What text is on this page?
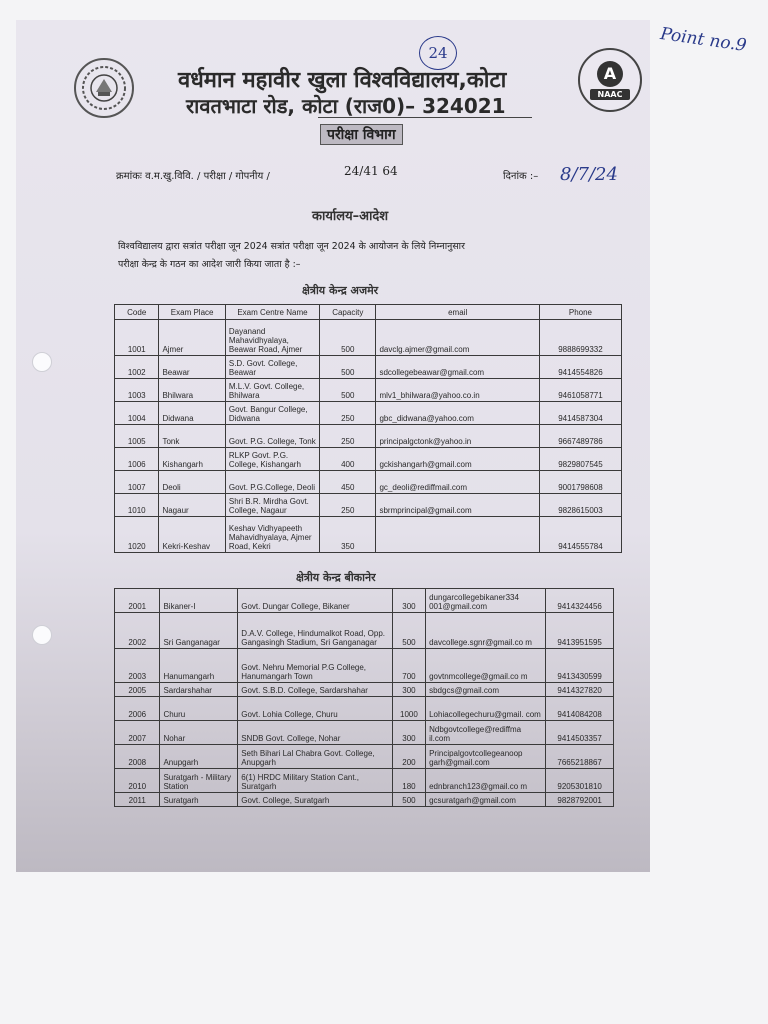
Point no.9
24
A
NAAC
वर्धमान महावीर खुला विश्वविद्यालय,कोटा
रावतभाटा रोड, कोटा (राज0)– 324021
परीक्षा विभाग
क्रमांकः व.म.खु.विवि. / परीक्षा / गोपनीय /	24/41 64	दिनांक :– 8/7/24
कार्यालय–आदेश
विश्वविद्यालय द्वारा सत्रांत परीक्षा जून 2024 सत्रांत परीक्षा जून 2024 के आयोजन के लिये निम्नानुसार
परीक्षा केन्द्र के गठन का आदेश जारी किया जाता है :–
क्षेत्रीय केन्द्र अजमेर
Code	Exam Place	Exam Centre Name	Capacity	email	Phone
1001	Ajmer	Dayanand Mahavidhyalaya, Beawar Road, Ajmer	500	davclg.ajmer@gmail.com	9888699332
1002	Beawar	S.D. Govt. College, Beawar	500	sdcollegebeawar@gmail.com	9414554826
1003	Bhilwara	M.L.V. Govt. College, Bhilwara	500	mlv1_bhilwara@yahoo.co.in	9461058771
1004	Didwana	Govt. Bangur College, Didwana	250	gbc_didwana@yahoo.com	9414587304
1005	Tonk	Govt. P.G. College, Tonk	250	principalgctonk@yahoo.in	9667489786
1006	Kishangarh	RLKP Govt. P.G. College, Kishangarh	400	gckishangarh@gmail.com	9829807545
1007	Deoli	Govt. P.G.College, Deoli	450	gc_deoli@rediffmail.com	9001798608
1010	Nagaur	Shri B.R. Mirdha Govt. College, Nagaur	250	sbrmprincipal@gmail.com	9828615003
1020	Kekri-Keshav	Keshav Vidhyapeeth Mahavidhyalaya, Ajmer Road, Kekri	350		9414555784
क्षेत्रीय केन्द्र बीकानेर
2001	Bikaner-I	Govt. Dungar College, Bikaner	300	dungarcollegebikaner334 001@gmail.com	9414324456
2002	Sri Ganganagar	D.A.V. College, Hindumalkot Road, Opp. Gangasingh Stadium, Sri Ganganagar	500	davcollege.sgnr@gmail.co m	9413951595
2003	Hanumangarh	Govt. Nehru Memorial P.G College, Hanumangarh Town	700	govtnmcollege@gmail.co m	9413430599
2005	Sardarshahar	Govt. S.B.D. College, Sardarshahar	300	sbdgcs@gmail.com	9414327820
2006	Churu	Govt. Lohia College, Churu	1000	Lohiacollegechuru@gmail. com	9414084208
2007	Nohar	SNDB Govt. College, Nohar	300	Ndbgovtcollege@rediffma il.com	9414503357
2008	Anupgarh	Seth Bihari Lal Chabra Govt. College, Anupgarh	200	Principalgovtcollegeanoop garh@gmail.com	7665218867
2010	Suratgarh - Military Station	6(1) HRDC Military Station Cant., Suratgarh	180	ednbranch123@gmail.co m	9205301810
2011	Suratgarh	Govt. College, Suratgarh	500	gcsuratgarh@gmail.com	9828792001
